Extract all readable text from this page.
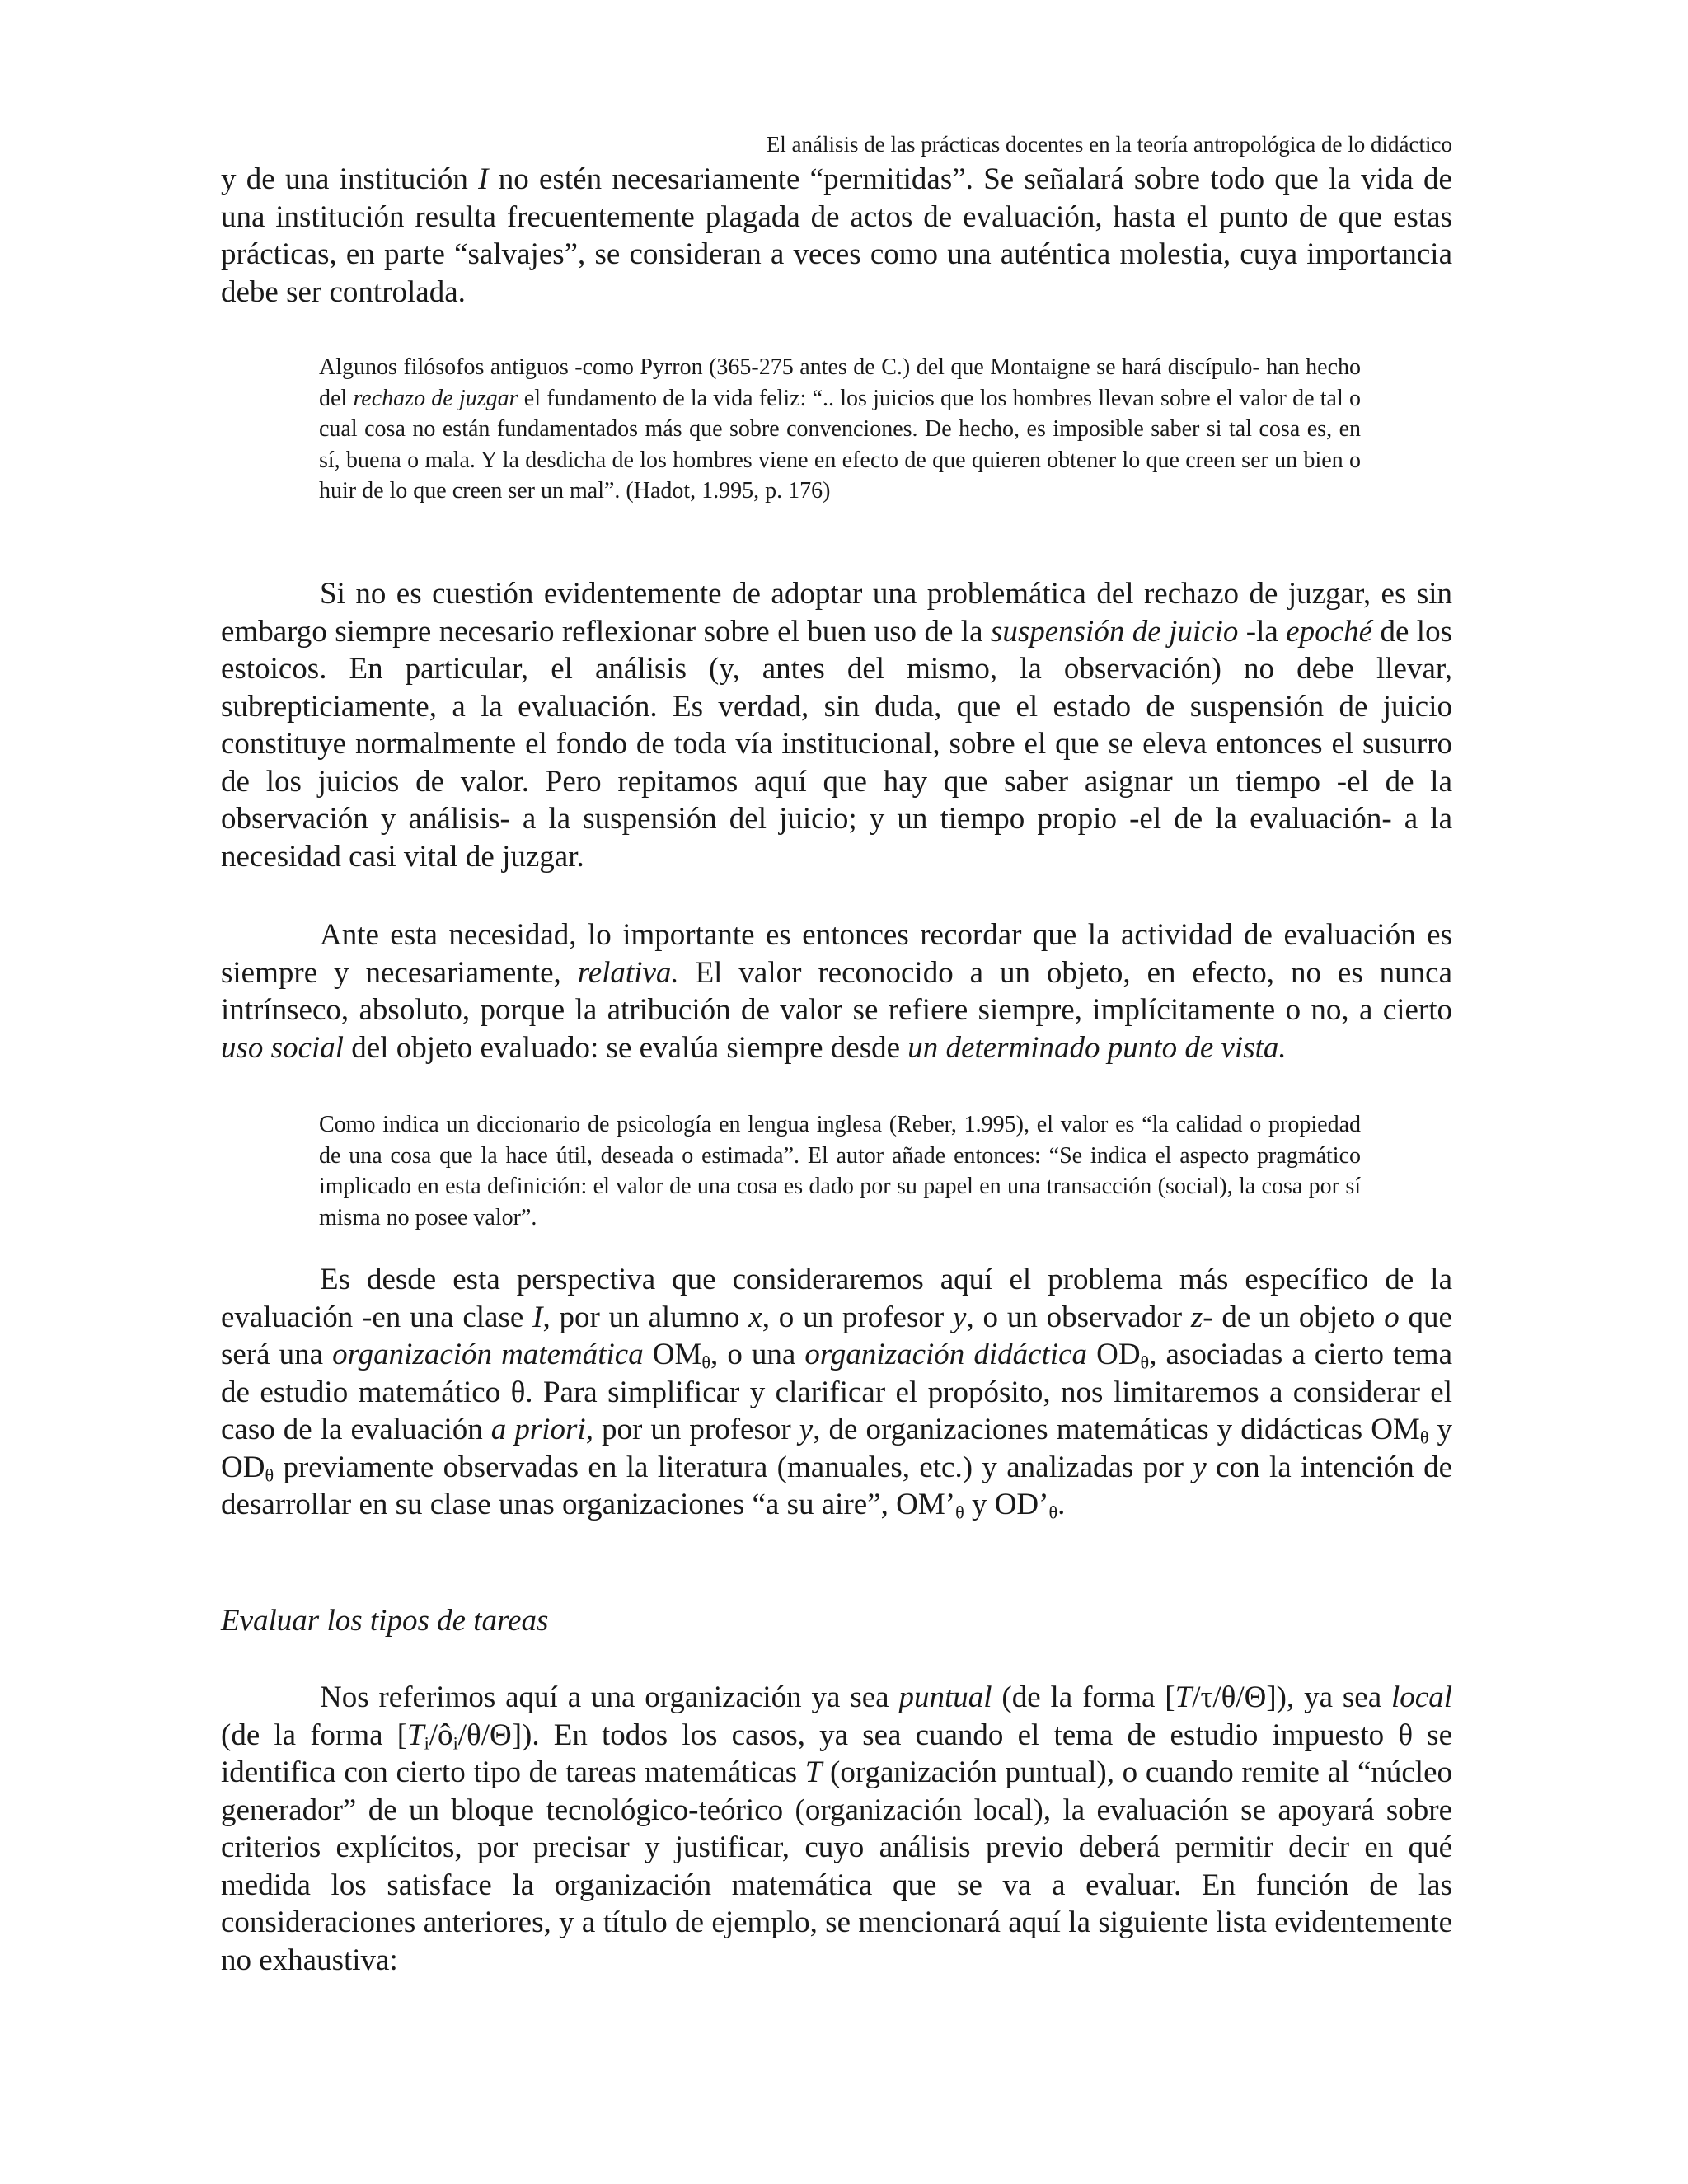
El análisis de las prácticas docentes en la teoría antropológica de lo didáctico

y de una institución I no estén necesariamente “permitidas”. Se señalará sobre todo que la vida de una institución resulta frecuentemente plagada de actos de evaluación, hasta el punto de que estas prácticas, en parte “salvajes”, se consideran a veces como una auténtica molestia, cuya importancia debe ser controlada.

Algunos filósofos antiguos -como Pyrron (365-275 antes de C.) del que Montaigne se hará discípulo- han hecho del rechazo de juzgar el fundamento de la vida feliz: “.. los juicios que los hombres llevan sobre el valor de tal o cual cosa no están fundamentados más que sobre convenciones. De hecho, es imposible saber si tal cosa es, en sí, buena o mala. Y la desdicha de los hombres viene en efecto de que quieren obtener lo que creen ser un bien o huir de lo que creen ser un mal”. (Hadot, 1.995, p. 176)

Si no es cuestión evidentemente de adoptar una problemática del rechazo de juzgar, es sin embargo siempre necesario reflexionar sobre el buen uso de la suspensión de juicio -la epoché de los estoicos. En particular, el análisis (y, antes del mismo, la observación) no debe llevar, subrepticiamente, a la evaluación. Es verdad, sin duda, que el estado de suspensión de juicio constituye normalmente el fondo de toda vía institucional, sobre el que se eleva entonces el susurro de los juicios de valor. Pero repitamos aquí que hay que saber asignar un tiempo -el de la observación y análisis- a la suspensión del juicio; y un tiempo propio -el de la evaluación- a la necesidad casi vital de juzgar.

Ante esta necesidad, lo importante es entonces recordar que la actividad de evaluación es siempre y necesariamente, relativa. El valor reconocido a un objeto, en efecto, no es nunca intrínseco, absoluto, porque la atribución de valor se refiere siempre, implícitamente o no, a cierto uso social del objeto evaluado: se evalúa siempre desde un determinado punto de vista.

Como indica un diccionario de psicología en lengua inglesa (Reber, 1.995), el valor es “la calidad o propiedad de una cosa que la hace útil, deseada o estimada”. El autor añade entonces: “Se indica el aspecto pragmático implicado en esta definición: el valor de una cosa es dado por su papel en una transacción (social), la cosa por sí misma no posee valor”.

Es desde esta perspectiva que consideraremos aquí el problema más específico de la evaluación -en una clase I, por un alumno x, o un profesor y, o un observador z- de un objeto o que será una organización matemática $OM_\theta$, o una organización didáctica $OD_\theta$, asociadas a cierto tema de estudio matemático θ. Para simplificar y clarificar el propósito, nos limitaremos a considerar el caso de la evaluación a priori, por un profesor y, de organizaciones matemáticas y didácticas $OM_\theta$ y $OD_\theta$ previamente observadas en la literatura (manuales, etc.) y analizadas por y con la intención de desarrollar en su clase unas organizaciones “a su aire”, $OM’_\theta$ y $OD’_\theta$.

Evaluar los tipos de tareas

Nos referimos aquí a una organización ya sea puntual (de la forma [T/τ/θ/Θ]), ya sea local (de la forma $[T_i/ô_i/\theta/\Theta]$). En todos los casos, ya sea cuando el tema de estudio impuesto θ se identifica con cierto tipo de tareas matemáticas T (organización puntual), o cuando remite al “núcleo generador” de un bloque tecnológico-teórico (organización local), la evaluación se apoyará sobre criterios explícitos, por precisar y justificar, cuyo análisis previo deberá permitir decir en qué medida los satisface la organización matemática que se va a evaluar. En función de las consideraciones anteriores, y a título de ejemplo, se mencionará aquí la siguiente lista evidentemente no exhaustiva:
